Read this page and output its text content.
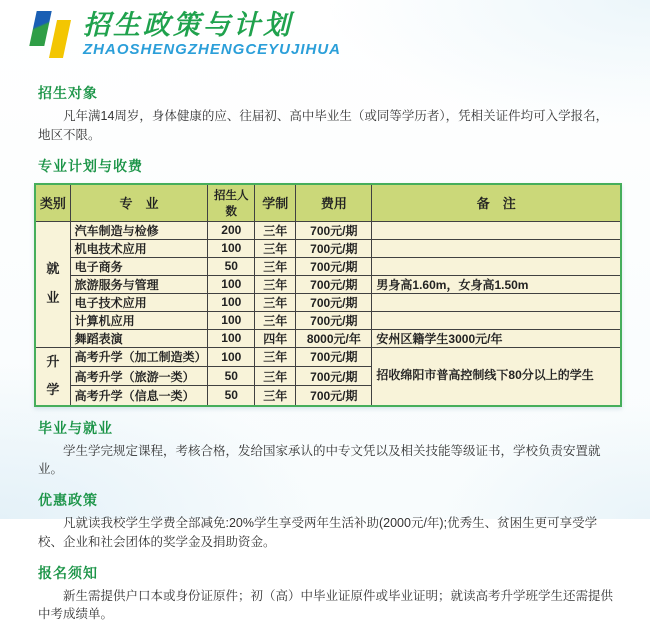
招生政策与计划
ZHAOSHENGZHENGCEYUJIHUA
招生对象

凡年满14周岁，身体健康的应、往届初、高中毕业生（或同等学历者），凭相关证件均可入学报名，地区不限。

专业计划与收费
类别	专　业	招生人数	学制	费用	备　注

就
业	汽车制造与检修	200	三年	700元/期	
	机电技术应用	100	三年	700元/期	
	电子商务	50	三年	700元/期	
	旅游服务与管理	100	三年	700元/期	男身高1.60m，女身高1.50m
	电子技术应用	100	三年	700元/期	
	计算机应用	100	三年	700元/期	
	舞蹈表演	100	四年	8000元/年	安州区籍学生3000元/年

升
学	高考升学（加工制造类）	100	三年	700元/期	招收绵阳市普高控制线下80分以上的学生
	高考升学（旅游一类）	50	三年	700元/期	
	高考升学（信息一类）	50	三年	700元/期	
毕业与就业

学生学完规定课程，考核合格，发给国家承认的中专文凭以及相关技能等级证书，学校负责安置就业。

优惠政策

凡就读我校学生学费全部减免:20%学生享受两年生活补助(2000元/年);优秀生、贫困生更可享受学校、企业和社会团体的奖学金及捐助资金。

报名须知

新生需提供户口本或身份证原件；初（高）中毕业证原件或毕业证明；就读高考升学班学生还需提供中考成绩单。
